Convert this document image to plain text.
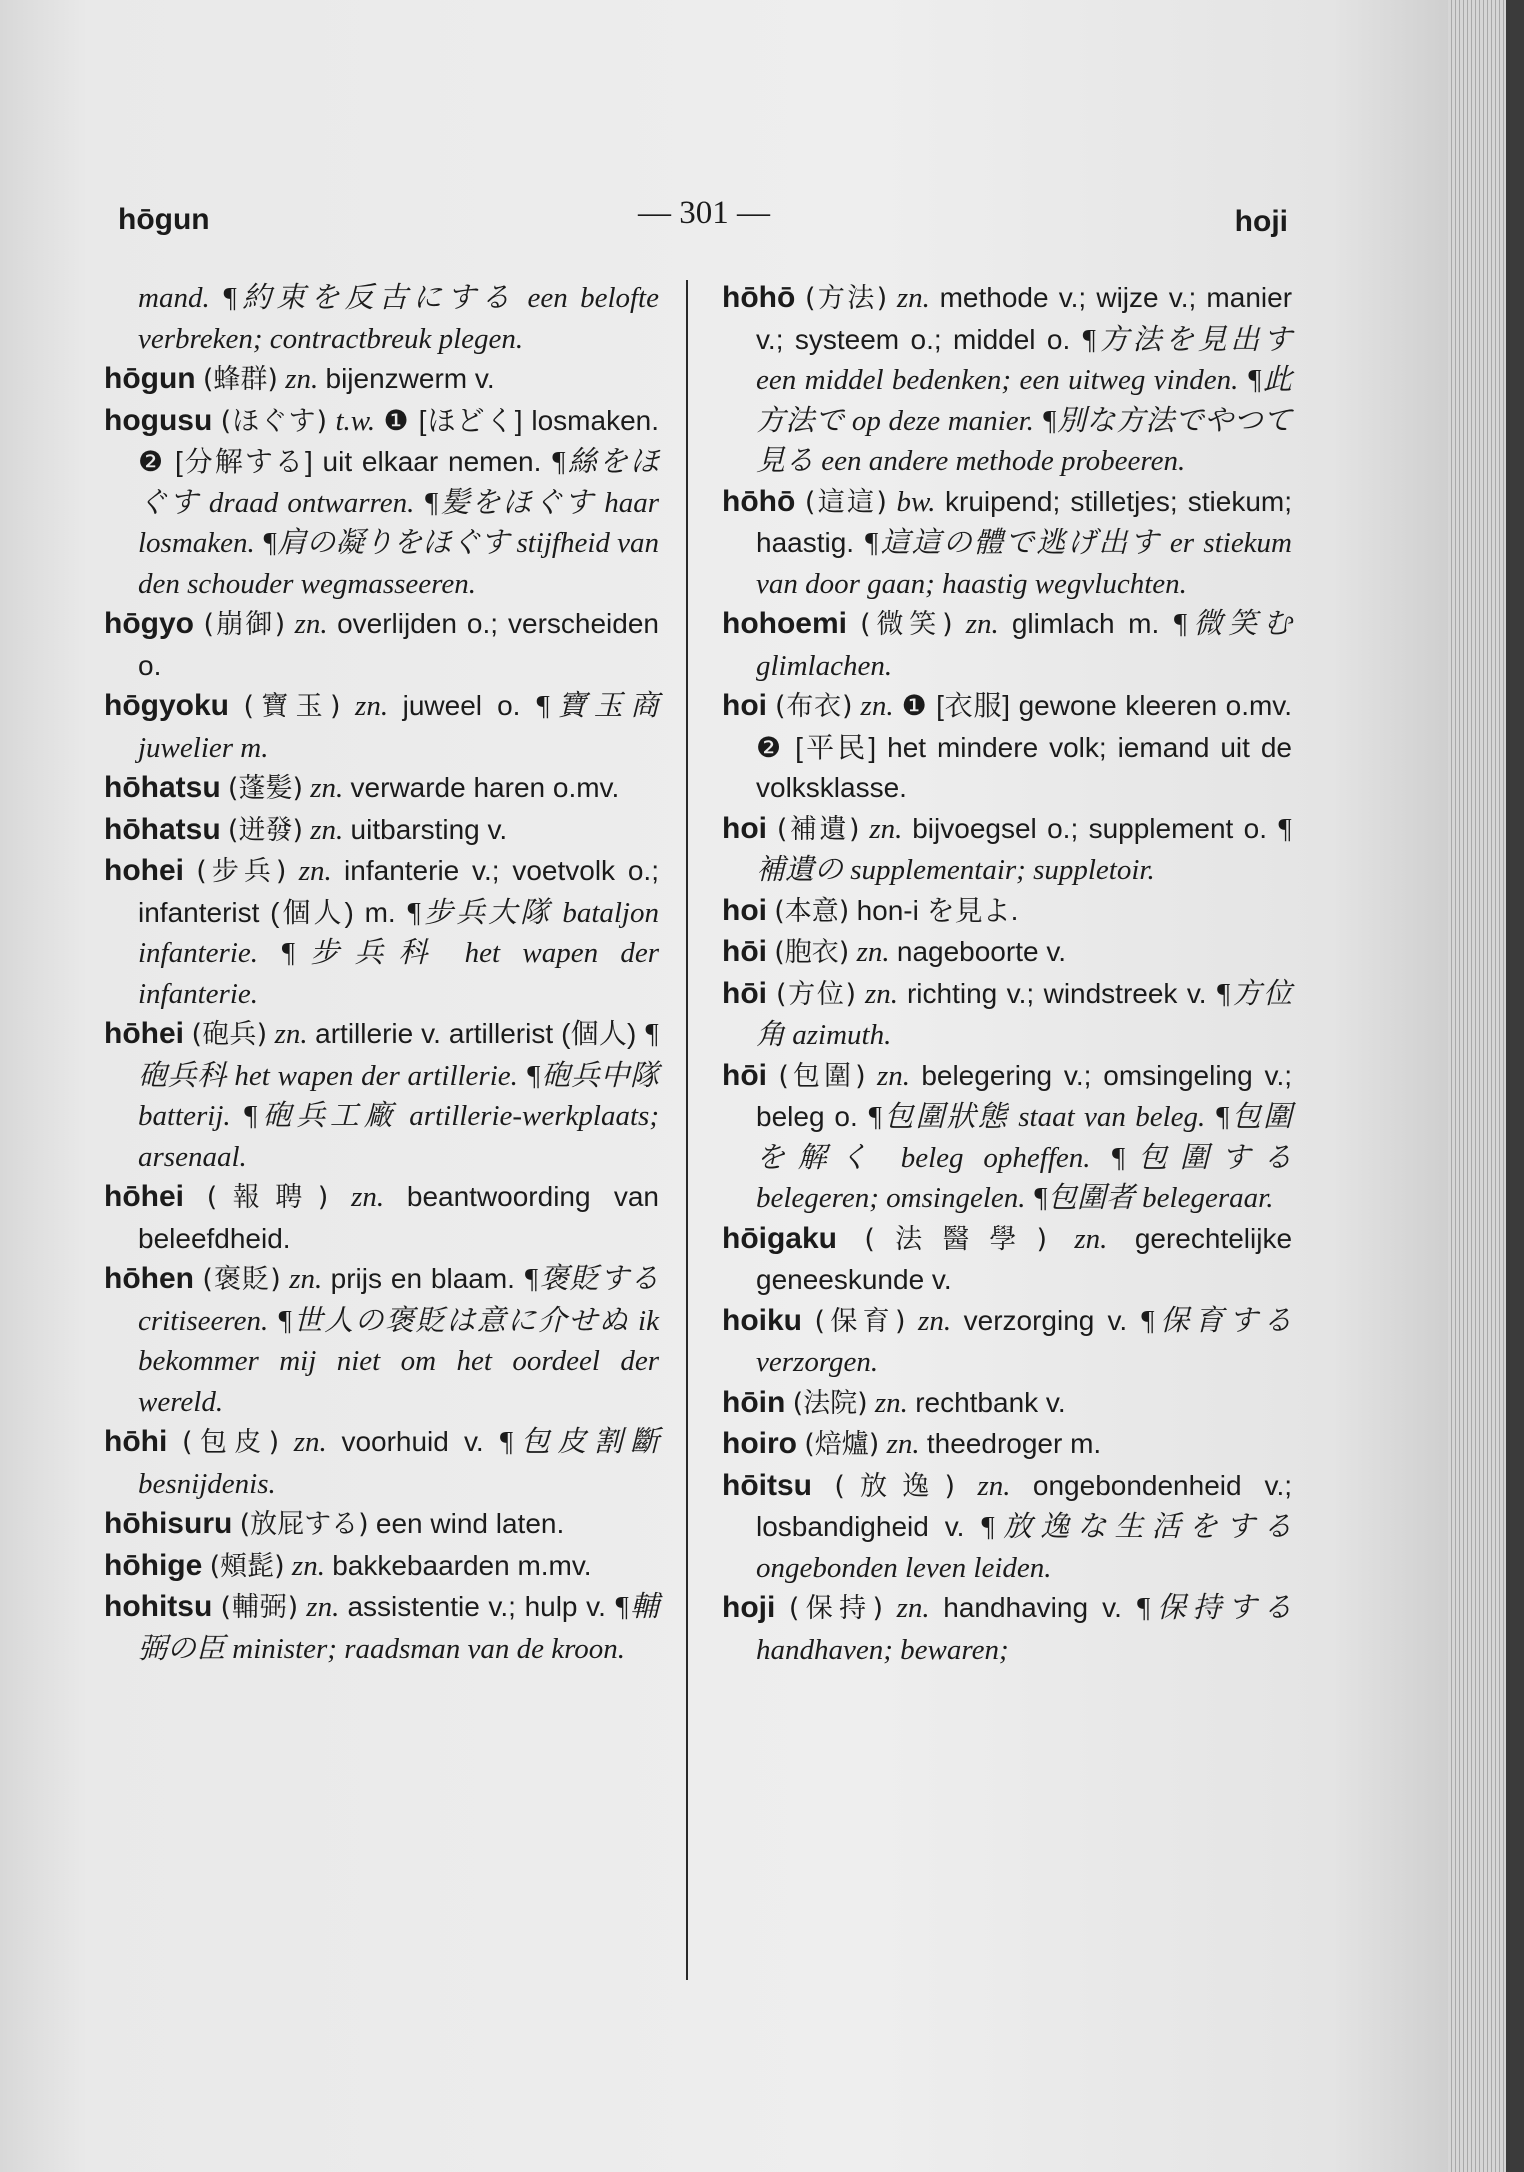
hōgun	— 301 —	hoji

mand. ¶約束を反古にする een belofte verbreken; contractbreuk plegen.

hōgun (蜂群) zn. bijenzwerm v.

hogusu (ほぐす) t.w. ❶ [ほどく] losmaken. ❷ [分解する] uit elkaar nemen. ¶絲をほぐす draad ontwarren. ¶髪をほぐす haar losmaken. ¶肩の凝りをほぐす stijfheid van den schouder wegmasseeren.

hōgyo (崩御) zn. overlijden o.; verscheiden o.

hōgyoku (寶玉) zn. juweel o. ¶寶玉商 juwelier m.

hōhatsu (蓬髪) zn. verwarde haren o.mv.

hōhatsu (迸發) zn. uitbarsting v.

hohei (步兵) zn. infanterie v.; voetvolk o.; infanterist (個人) m. ¶步兵大隊 bataljon infanterie. ¶步兵科 het wapen der infanterie.

hōhei (砲兵) zn. artillerie v. artillerist (個人) ¶砲兵科 het wapen der artillerie. ¶砲兵中隊 batterij. ¶砲兵工廠 artillerie-werkplaats; arsenaal.

hōhei (報聘) zn. beantwoording van beleefdheid.

hōhen (褒貶) zn. prijs en blaam. ¶褒貶する critiseeren. ¶世人の褒貶は意に介せぬ ik bekommer mij niet om het oordeel der wereld.

hōhi (包皮) zn. voorhuid v. ¶包皮割斷 besnijdenis.

hōhisuru (放屁する) een wind laten.

hōhige (頰髭) zn. bakkebaarden m.mv.

hohitsu (輔弼) zn. assistentie v.; hulp v. ¶輔弼の臣 minister; raadsman van de kroon.

hōhō (方法) zn. methode v.; wijze v.; manier v.; systeem o.; middel o. ¶方法を見出す een middel bedenken; een uitweg vinden. ¶此方法で op deze manier. ¶別な方法でやつて見る een andere methode probeeren.

hōhō (這這) bw. kruipend; stilletjes; stiekum; haastig. ¶這這の體で逃げ出す er stiekum van door gaan; haastig wegvluchten.

hohoemi (微笑) zn. glimlach m. ¶微笑む glimlachen.

hoi (布衣) zn. ❶ [衣服] gewone kleeren o.mv. ❷ [平民] het mindere volk; iemand uit de volksklasse.

hoi (補遺) zn. bijvoegsel o.; supplement o. ¶補遺の supplementair; suppletoir.

hoi (本意) hon-i を見よ.

hōi (胞衣) zn. nageboorte v.

hōi (方位) zn. richting v.; windstreek v. ¶方位角 azimuth.

hōi (包圍) zn. belegering v.; omsingeling v.; beleg o. ¶包圍狀態 staat van beleg. ¶包圍を解く beleg opheffen. ¶包圍する belegeren; omsingelen. ¶包圍者 belegeraar.

hōigaku (法醫學) zn. gerechtelijke geneeskunde v.

hoiku (保育) zn. verzorging v. ¶保育する verzorgen.

hōin (法院) zn. rechtbank v.

hoiro (焙爐) zn. theedroger m.

hōitsu (放逸) zn. ongebondenheid v.; losbandigheid v. ¶放逸な生活をする ongebonden leven leiden.

hoji (保持) zn. handhaving v. ¶保持する handhaven; bewaren;
